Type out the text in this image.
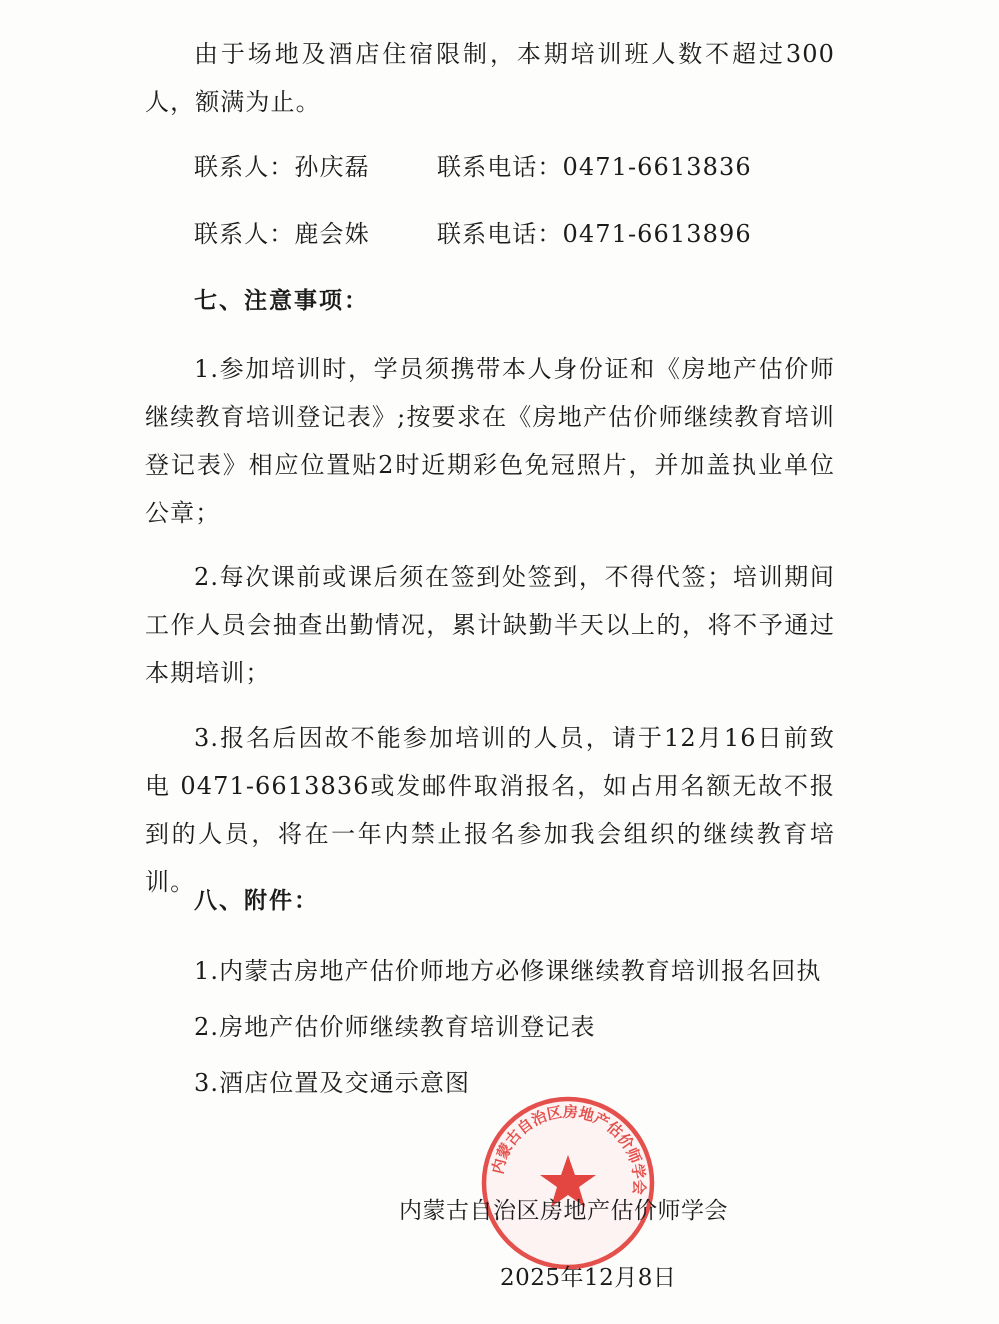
由于场地及酒店住宿限制，本期培训班人数不超过300人，额满为止。
联系人：孙庆磊	联系电话：0471-6613836
联系人：鹿会姝	联系电话：0471-6613896
七、注意事项：
1.参加培训时，学员须携带本人身份证和《房地产估价师继续教育培训登记表》;按要求在《房地产估价师继续教育培训登记表》相应位置贴2时近期彩色免冠照片，并加盖执业单位公章；
2.每次课前或课后须在签到处签到，不得代签；培训期间工作人员会抽查出勤情况，累计缺勤半天以上的，将不予通过本期培训；
3.报名后因故不能参加培训的人员，请于12月16日前致电 0471-6613836或发邮件取消报名，如占用名额无故不报到的人员，将在一年内禁止报名参加我会组织的继续教育培训。
八、附件：
1.内蒙古房地产估价师地方必修课继续教育培训报名回执
2.房地产估价师继续教育培训登记表
3.酒店位置及交通示意图
内蒙古自治区房地产估价师学会
内蒙古自治区房地产估价师学会
2025年12月8日
